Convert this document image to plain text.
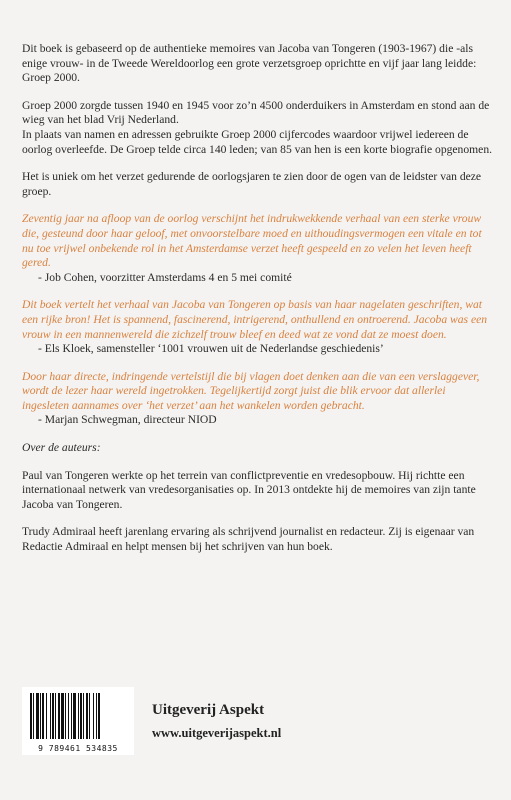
Dit boek is gebaseerd op de authentieke memoires van Jacoba van Tongeren (1903-1967) die -als enige vrouw- in de Tweede Wereldoorlog een grote verzetsgroep oprichtte en vijf jaar lang leidde: Groep 2000.

Groep 2000 zorgde tussen 1940 en 1945 voor zo’n 4500 onderduikers in Amsterdam en stond aan de wieg van het blad Vrij Nederland.

In plaats van namen en adressen gebruikte Groep 2000 cijfercodes waardoor vrijwel iedereen de oorlog overleefde. De Groep telde circa 140 leden; van 85 van hen is een korte biografie opgenomen.

Het is uniek om het verzet gedurende de oorlogsjaren te zien door de ogen van de leidster van deze groep.

Zeventig jaar na afloop van de oorlog verschijnt het indrukwekkende verhaal van een sterke vrouw die, gesteund door haar geloof, met onvoorstelbare moed en uithoudingsvermogen een vitale en tot nu toe vrijwel onbekende rol in het Amsterdamse verzet heeft gespeeld en zo velen het leven heeft gered.

- Job Cohen, voorzitter Amsterdams 4 en 5 mei comité

Dit boek vertelt het verhaal van Jacoba van Tongeren op basis van haar nagelaten geschriften, wat een rijke bron! Het is spannend, fascinerend, intrigerend, onthullend en ontroerend. Jacoba was een vrouw in een mannenwereld die zichzelf trouw bleef en deed wat ze vond dat ze moest doen.

- Els Kloek, samensteller ‘1001 vrouwen uit de Nederlandse geschiedenis’

Door haar directe, indringende vertelstijl die bij vlagen doet denken aan die van een verslaggever, wordt de lezer haar wereld ingetrokken. Tegelijkertijd zorgt juist die blik ervoor dat allerlei ingesleten aannames over ‘het verzet’ aan het wankelen worden gebracht.

- Marjan Schwegman, directeur NIOD

Over de auteurs:

Paul van Tongeren werkte op het terrein van conflictpreventie en vredesopbouw. Hij richtte een internationaal netwerk van vredesorganisaties op. In 2013 ontdekte hij de memoires van zijn tante Jacoba van Tongeren.

Trudy Admiraal heeft jarenlang ervaring als schrijvend journalist en redacteur. Zij is eigenaar van Redactie Admiraal en helpt mensen bij het schrijven van hun boek.

9 789461 534835
Uitgeverij Aspekt
www.uitgeverijaspekt.nl
